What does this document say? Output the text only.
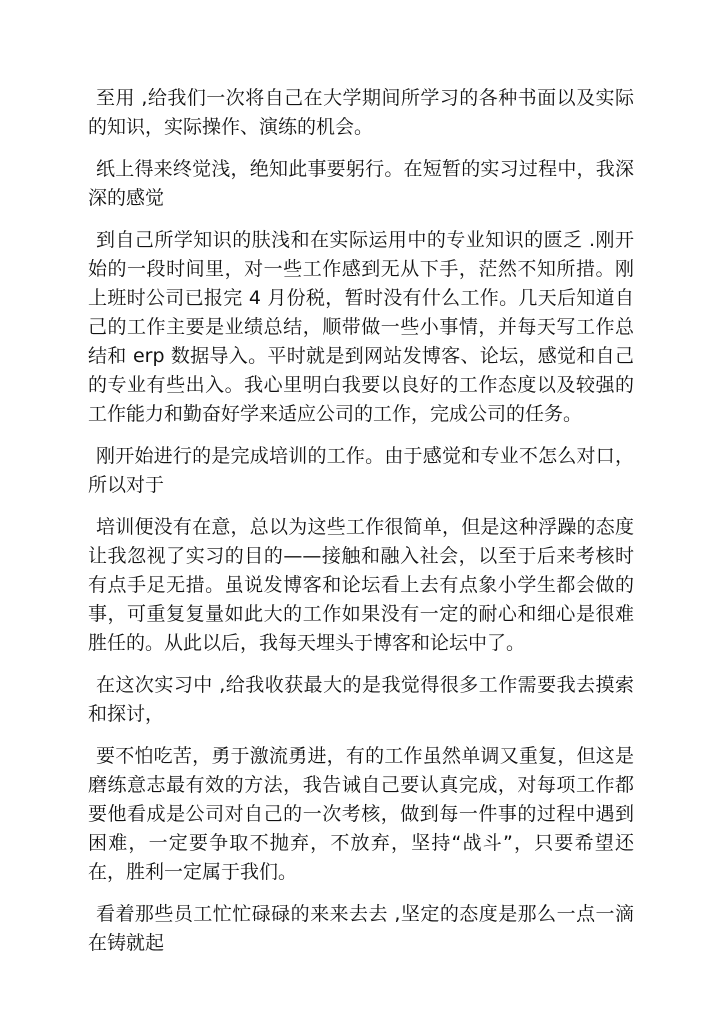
至用 ,给我们一次将自己在大学期间所学习的各种书面以及实际的知识，实际操作、演练的机会。

纸上得来终觉浅，绝知此事要躬行。在短暂的实习过程中，我深深的感觉

到自己所学知识的肤浅和在实际运用中的专业知识的匮乏 .刚开始的一段时间里，对一些工作感到无从下手，茫然不知所措。刚上班时公司已报完 4 月份税，暂时没有什么工作。几天后知道自己的工作主要是业绩总结，顺带做一些小事情，并每天写工作总结和 erp 数据导入。平时就是到网站发博客、论坛，感觉和自己的专业有些出入。我心里明白我要以良好的工作态度以及较强的工作能力和勤奋好学来适应公司的工作，完成公司的任务。

刚开始进行的是完成培训的工作。由于感觉和专业不怎么对口，所以对于

培训便没有在意，总以为这些工作很简单，但是这种浮躁的态度让我忽视了实习的目的——接触和融入社会，以至于后来考核时有点手足无措。虽说发博客和论坛看上去有点象小学生都会做的事，可重复复量如此大的工作如果没有一定的耐心和细心是很难胜任的。从此以后，我每天埋头于博客和论坛中了。

在这次实习中 ,给我收获最大的是我觉得很多工作需要我去摸索和探讨，

要不怕吃苦，勇于激流勇进，有的工作虽然单调又重复，但这是磨练意志最有效的方法，我告诫自己要认真完成，对每项工作都要他看成是公司对自己的一次考核，做到每一件事的过程中遇到困难，一定要争取不抛弃，不放弃，坚持“战斗”，只要希望还在，胜利一定属于我们。

看着那些员工忙忙碌碌的来来去去 ,坚定的态度是那么一点一滴在铸就起
